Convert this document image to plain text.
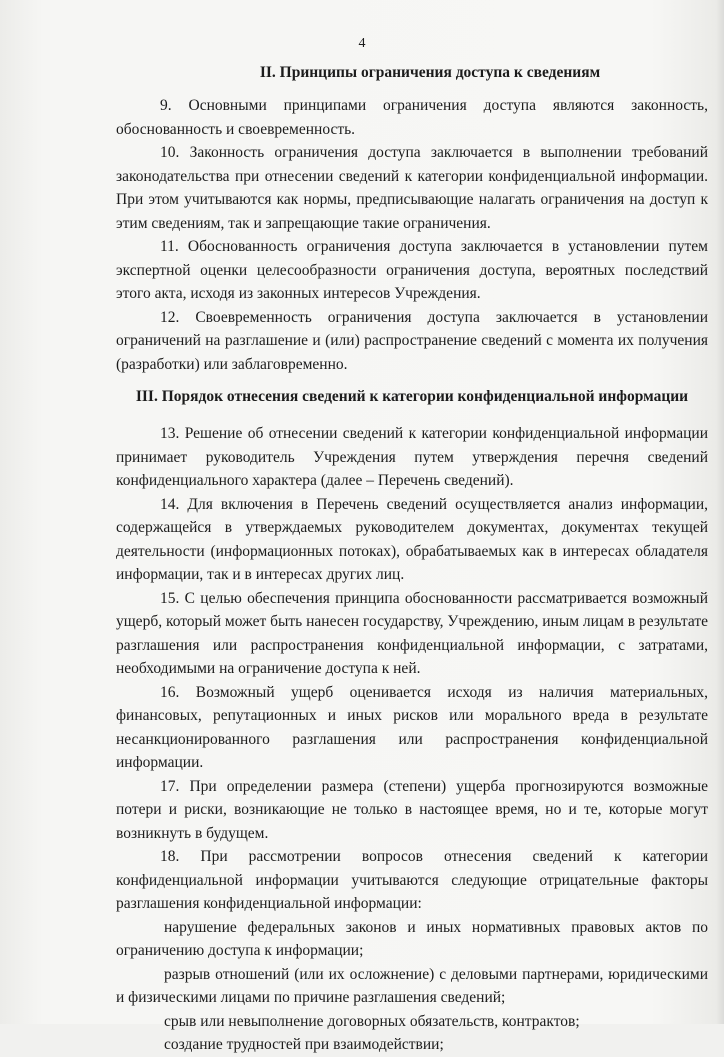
4
II. Принципы ограничения доступа к сведениям

9. Основными принципами ограничения доступа являются законность, обоснованность и своевременность.

10. Законность ограничения доступа заключается в выполнении требований законодательства при отнесении сведений к категории конфиденциальной информации. При этом учитываются как нормы, предписывающие налагать ограничения на доступ к этим сведениям, так и запрещающие такие ограничения.

11. Обоснованность ограничения доступа заключается в установлении путем экспертной оценки целесообразности ограничения доступа, вероятных последствий этого акта, исходя из законных интересов Учреждения.

12. Своевременность ограничения доступа заключается в установлении ограничений на разглашение и (или) распространение сведений с момента их получения (разработки) или заблаговременно.

III. Порядок отнесения сведений к категории конфиденциальной информации

13. Решение об отнесении сведений к категории конфиденциальной информации принимает руководитель Учреждения путем утверждения перечня сведений конфиденциального характера (далее – Перечень сведений).

14. Для включения в Перечень сведений осуществляется анализ информации, содержащейся в утверждаемых руководителем документах, документах текущей деятельности (информационных потоках), обрабатываемых как в интересах обладателя информации, так и в интересах других лиц.

15. С целью обеспечения принципа обоснованности рассматривается возможный ущерб, который может быть нанесен государству, Учреждению, иным лицам в результате разглашения или распространения конфиденциальной информации, с затратами, необходимыми на ограничение доступа к ней.

16. Возможный ущерб оценивается исходя из наличия материальных, финансовых, репутационных и иных рисков или морального вреда в результате несанкционированного разглашения или распространения конфиденциальной информации.

17. При определении размера (степени) ущерба прогнозируются возможные потери и риски, возникающие не только в настоящее время, но и те, которые могут возникнуть в будущем.

18. При рассмотрении вопросов отнесения сведений к категории конфиденциальной информации учитываются следующие отрицательные факторы разглашения конфиденциальной информации:

нарушение федеральных законов и иных нормативных правовых актов по ограничению доступа к информации;

разрыв отношений (или их осложнение) с деловыми партнерами, юридическими и физическими лицами по причине разглашения сведений;

срыв или невыполнение договорных обязательств, контрактов;

создание трудностей при взаимодействии;
